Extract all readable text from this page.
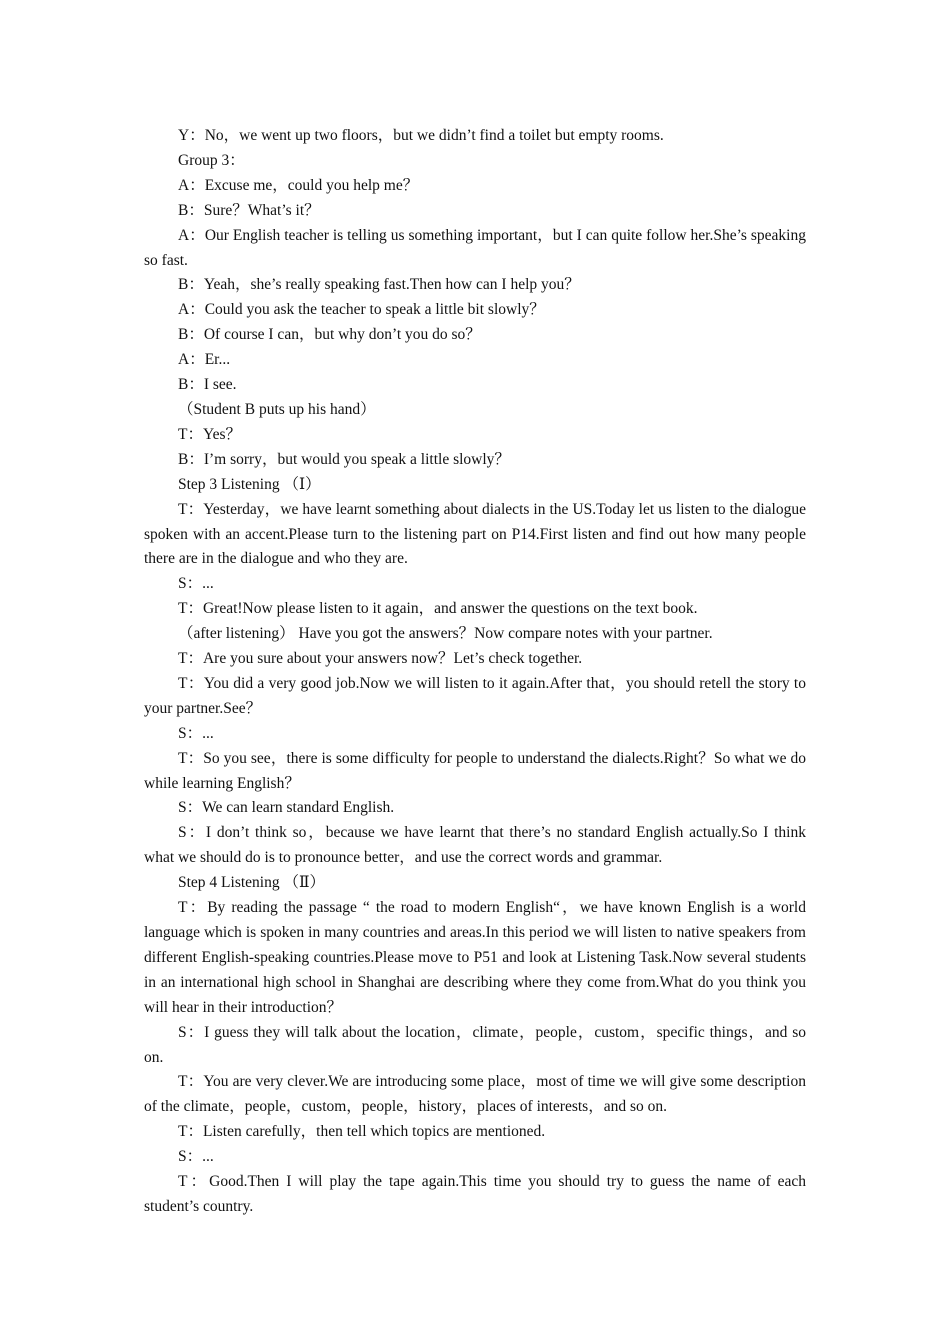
Y：No，we went up two floors，but we didn’t find a toilet but empty rooms.

Group 3：

A：Excuse me，could you help me？

B：Sure？What’s it？

A：Our English teacher is telling us something important，but I can quite follow her.She’s speaking so fast.

B：Yeah，she’s really speaking fast.Then how can I help you？

A：Could you ask the teacher to speak a little bit slowly？

B：Of course I can，but why don’t you do so？

A：Er...

B：I see.

（Student B puts up his hand）

T：Yes？

B：I’m sorry，but would you speak a little slowly？

Step 3 Listening （Ⅰ）

T：Yesterday，we have learnt something about dialects in the US.Today let us listen to the dialogue spoken with an accent.Please turn to the listening part on P14.First listen and find out how many people there are in the dialogue and who they are.

S：...

T：Great!Now please listen to it again，and answer the questions on the text book.

（after listening） Have you got the answers？Now compare notes with your partner.

T：Are you sure about your answers now？Let’s check together.

T：You did a very good job.Now we will listen to it again.After that，you should retell the story to your partner.See？

S：...

T：So you see，there is some difficulty for people to understand the dialects.Right？So what we do while learning English？

S：We can learn standard English.

S：I don’t think so，because we have learnt that there’s no standard English actually.So I think what we should do is to pronounce better，and use the correct words and grammar.

Step 4 Listening （Ⅱ）

T：By reading the passage “ the road to modern English“，we have known English is a world language which is spoken in many countries and areas.In this period we will listen to native speakers from different English-speaking countries.Please move to P51 and look at Listening Task.Now several students in an international high school in Shanghai are describing where they come from.What do you think you will hear in their introduction？

S：I guess they will talk about the location，climate，people，custom，specific things，and so on.

T：You are very clever.We are introducing some place，most of time we will give some description of the climate，people，custom，people，history，places of interests，and so on.

T：Listen carefully，then tell which topics are mentioned.

S：...

T：Good.Then I will play the tape again.This time you should try to guess the name of each student’s country.
